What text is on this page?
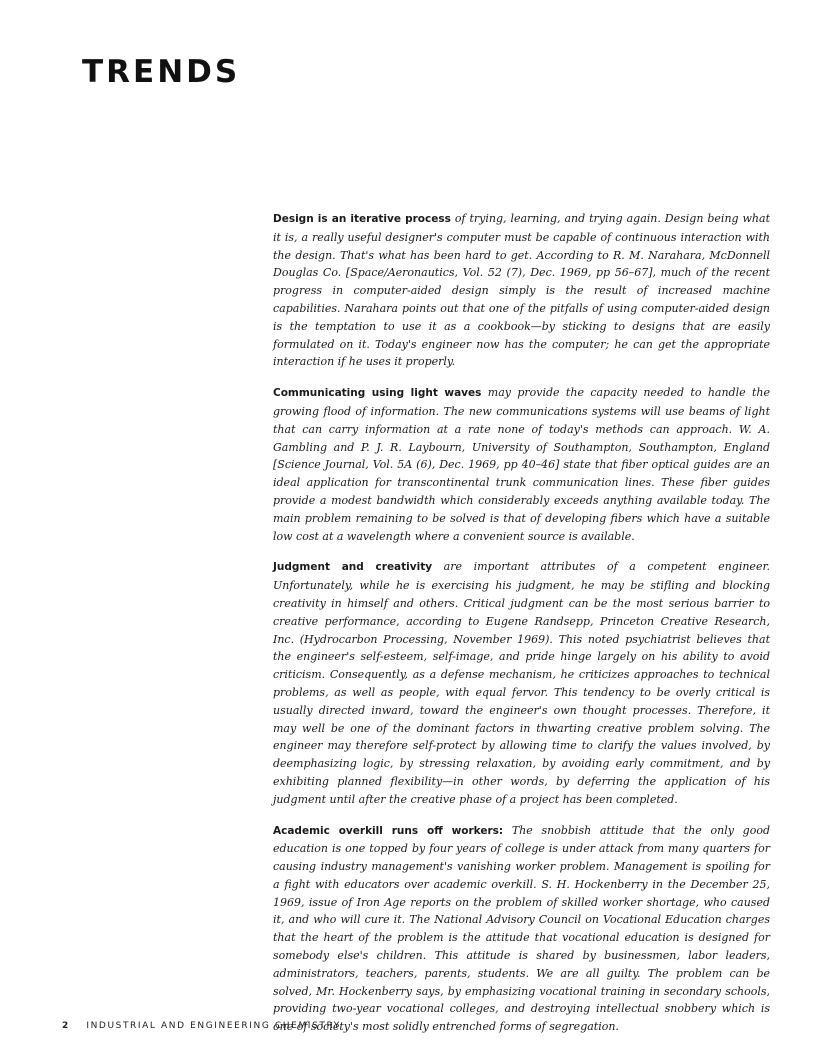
TRENDS

Design is an iterative process of trying, learning, and trying again. Design being what it is, a really useful designer's computer must be capable of continuous interaction with the design. That's what has been hard to get. According to R. M. Narahara, McDonnell Douglas Co. [Space/Aeronautics, Vol. 52 (7), Dec. 1969, pp 56–67], much of the recent progress in computer-aided design simply is the result of increased machine capabilities. Narahara points out that one of the pitfalls of using computer-aided design is the temptation to use it as a cookbook—by sticking to designs that are easily formulated on it. Today's engineer now has the computer; he can get the appropriate interaction if he uses it properly.

Communicating using light waves may provide the capacity needed to handle the growing flood of information. The new communications systems will use beams of light that can carry information at a rate none of today's methods can approach. W. A. Gambling and P. J. R. Laybourn, University of Southampton, Southampton, England [Science Journal, Vol. 5A (6), Dec. 1969, pp 40–46] state that fiber optical guides are an ideal application for transcontinental trunk communication lines. These fiber guides provide a modest bandwidth which considerably exceeds anything available today. The main problem remaining to be solved is that of developing fibers which have a suitable low cost at a wavelength where a convenient source is available.

Judgment and creativity are important attributes of a competent engineer. Unfortunately, while he is exercising his judgment, he may be stifling and blocking creativity in himself and others. Critical judgment can be the most serious barrier to creative performance, according to Eugene Randsepp, Princeton Creative Research, Inc. (Hydrocarbon Processing, November 1969). This noted psychiatrist believes that the engineer's self-esteem, self-image, and pride hinge largely on his ability to avoid criticism. Consequently, as a defense mechanism, he criticizes approaches to technical problems, as well as people, with equal fervor. This tendency to be overly critical is usually directed inward, toward the engineer's own thought processes. Therefore, it may well be one of the dominant factors in thwarting creative problem solving. The engineer may therefore self-protect by allowing time to clarify the values involved, by deemphasizing logic, by stressing relaxation, by avoiding early commitment, and by exhibiting planned flexibility—in other words, by deferring the application of his judgment until after the creative phase of a project has been completed.

Academic overkill runs off workers: The snobbish attitude that the only good education is one topped by four years of college is under attack from many quarters for causing industry management's vanishing worker problem. Management is spoiling for a fight with educators over academic overkill. S. H. Hockenberry in the December 25, 1969, issue of Iron Age reports on the problem of skilled worker shortage, who caused it, and who will cure it. The National Advisory Council on Vocational Education charges that the heart of the problem is the attitude that vocational education is designed for somebody else's children. This attitude is shared by businessmen, labor leaders, administrators, teachers, parents, students. We are all guilty. The problem can be solved, Mr. Hockenberry says, by emphasizing vocational training in secondary schools, providing two-year vocational colleges, and destroying intellectual snobbery which is one of society's most solidly entrenched forms of segregation.

2 INDUSTRIAL AND ENGINEERING CHEMISTRY
